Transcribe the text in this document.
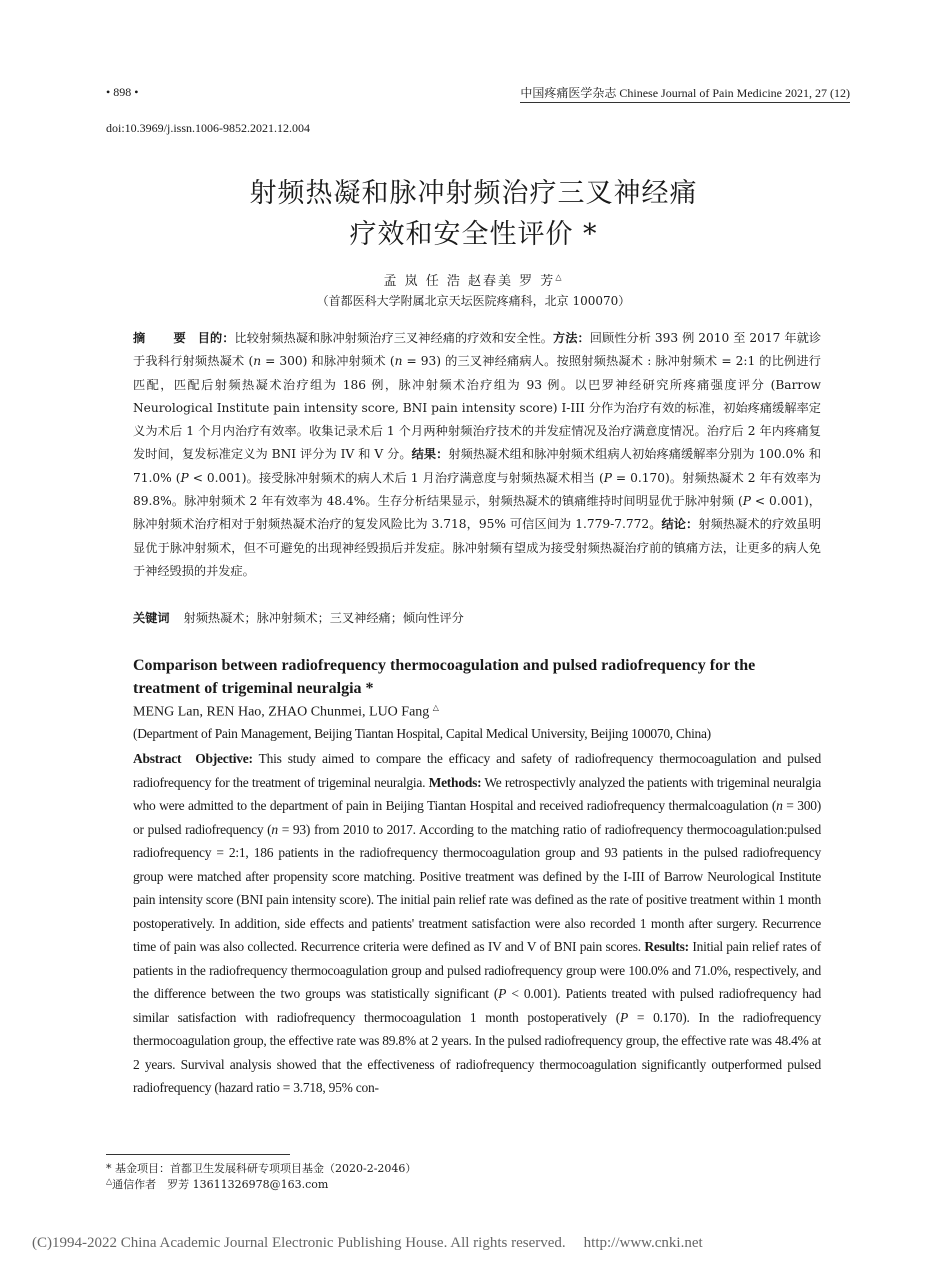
• 898 •	中国疼痛医学杂志 Chinese Journal of Pain Medicine 2021, 27 (12)
doi:10.3969/j.issn.1006-9852.2021.12.004
射频热凝和脉冲射频治疗三叉神经痛
疗效和安全性评价 *
孟 岚 任 浩 赵春美 罗 芳△
（首都医科大学附属北京天坛医院疼痛科，北京 100070）
摘 要目的：比较射频热凝和脉冲射频治疗三叉神经痛的疗效和安全性。方法：回顾性分析 393 例 2010 至 2017 年就诊于我科行射频热凝术 (n = 300) 和脉冲射频术 (n = 93) 的三叉神经痛病人。按照射频热凝术 : 脉冲射频术 = 2:1 的比例进行匹配，匹配后射频热凝术治疗组为 186 例，脉冲射频术治疗组为 93 例。以巴罗神经研究所疼痛强度评分 (Barrow Neurological Institute pain intensity score, BNI pain intensity score) I-III 分作为治疗有效的标准，初始疼痛缓解率定义为术后 1 个月内治疗有效率。收集记录术后 1 个月两种射频治疗技术的并发症情况及治疗满意度情况。治疗后 2 年内疼痛复发时间，复发标准定义为 BNI 评分为 IV 和 V 分。结果：射频热凝术组和脉冲射频术组病人初始疼痛缓解率分别为 100.0% 和 71.0% (P < 0.001)。接受脉冲射频术的病人术后 1 月治疗满意度与射频热凝术相当 (P = 0.170)。射频热凝术 2 年有效率为 89.8%。脉冲射频术 2 年有效率为 48.4%。生存分析结果显示，射频热凝术的镇痛维持时间明显优于脉冲射频 (P < 0.001)，脉冲射频术治疗相对于射频热凝术治疗的复发风险比为 3.718，95% 可信区间为 1.779-7.772。结论：射频热凝术的疗效虽明显优于脉冲射频术，但不可避免的出现神经毁损后并发症。脉冲射频有望成为接受射频热凝治疗前的镇痛方法，让更多的病人免于神经毁损的并发症。
关键词 射频热凝术；脉冲射频术；三叉神经痛；倾向性评分
Comparison between radiofrequency thermocoagulation and pulsed radiofrequency for the treatment of trigeminal neuralgia *
MENG Lan, REN Hao, ZHAO Chunmei, LUO Fang △
(Department of Pain Management, Beijing Tiantan Hospital, Capital Medical University, Beijing 100070, China)
Abstract Objective: This study aimed to compare the efficacy and safety of radiofrequency thermocoagulation and pulsed radiofrequency for the treatment of trigeminal neuralgia. Methods: We retrospectivly analyzed the patients with trigeminal neuralgia who were admitted to the department of pain in Beijing Tiantan Hospital and received radiofrequency thermalcoagulation (n = 300) or pulsed radiofrequency (n = 93) from 2010 to 2017. According to the matching ratio of radiofrequency thermocoagulation:pulsed radiofrequency = 2:1, 186 patients in the radiofrequency thermocoagulation group and 93 patients in the pulsed radiofrequency group were matched after propensity score matching. Positive treatment was defined by the I-III of Barrow Neurological Institute pain intensity score (BNI pain intensity score). The initial pain relief rate was defined as the rate of positive treatment within 1 month postoperatively. In addition, side effects and patients' treatment satisfaction were also recorded 1 month after surgery. Recurrence time of pain was also collected. Recurrence criteria were defined as IV and V of BNI pain scores. Results: Initial pain relief rates of patients in the radiofrequency thermocoagulation group and pulsed radiofrequency group were 100.0% and 71.0%, respectively, and the difference between the two groups was statistically significant (P < 0.001). Patients treated with pulsed radiofrequency had similar satisfaction with radiofrequency thermocoagulation 1 month postoperatively (P = 0.170). In the radiofrequency thermocoagulation group, the effective rate was 89.8% at 2 years. In the pulsed radiofrequency group, the effective rate was 48.4% at 2 years. Survival analysis showed that the effectiveness of radiofrequency thermocoagulation significantly outperformed pulsed radiofrequency (hazard ratio = 3.718, 95% con-
* 基金项目：首都卫生发展科研专项项目基金（2020-2-2046）
△通信作者　罗芳 13611326978@163.com
(C)1994-2022 China Academic Journal Electronic Publishing House. All rights reserved. http://www.cnki.net
